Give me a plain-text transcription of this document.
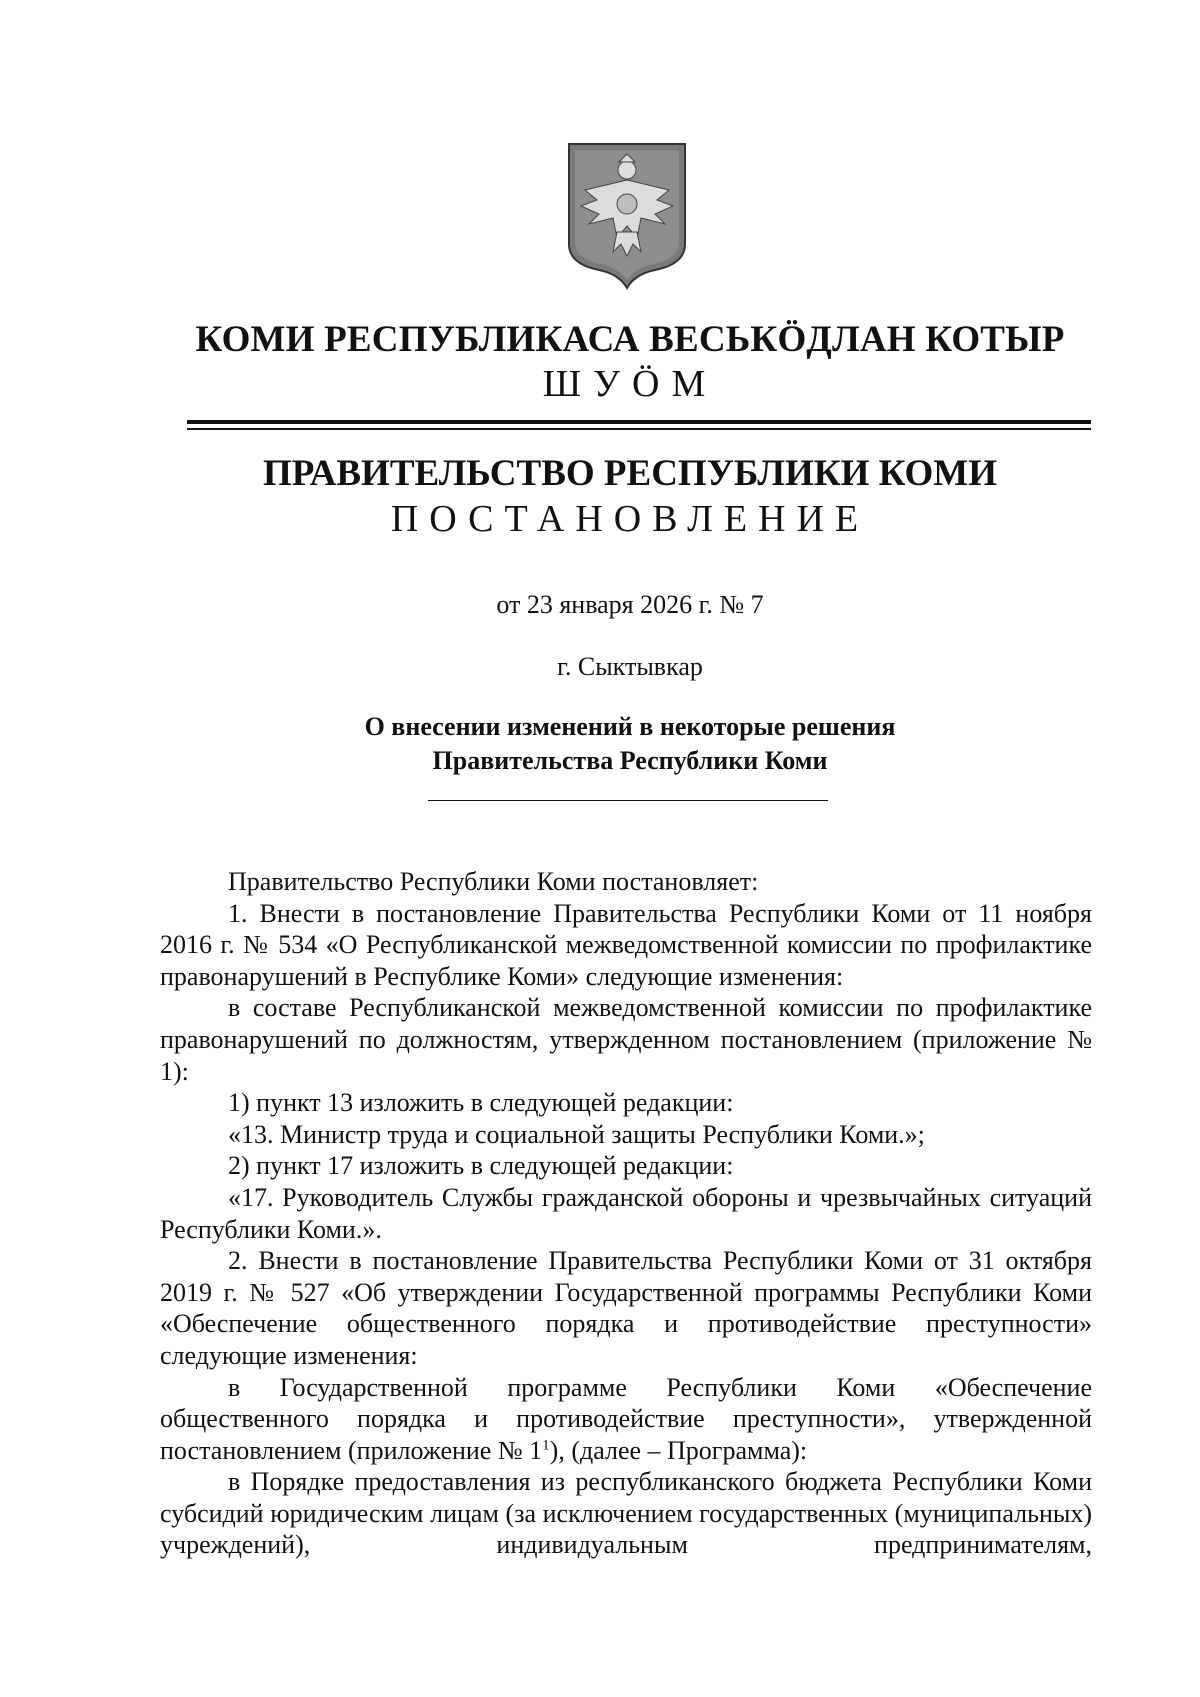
КОМИ РЕСПУБЛИКАСА ВЕСЬКӦДЛАН КОТЫР
ШУӦМ
ПРАВИТЕЛЬСТВО РЕСПУБЛИКИ КОМИ
ПОСТАНОВЛЕНИЕ
от 23 января 2026 г. № 7
г. Сыктывкар
О внесении изменений в некоторые решения
Правительства Республики Коми

Правительство Республики Коми постановляет:

1. Внести в постановление Правительства Республики Коми от 11 ноября 2016 г. № 534 «О Республиканской межведомственной комиссии по профилактике правонарушений в Республике Коми» следующие изменения:

в составе Республиканской межведомственной комиссии по профилактике правонарушений по должностям, утвержденном постановлением (приложение № 1):

1) пункт 13 изложить в следующей редакции:

«13. Министр труда и социальной защиты Республики Коми.»;

2) пункт 17 изложить в следующей редакции:

«17. Руководитель Службы гражданской обороны и чрезвычайных ситуаций Республики Коми.».

2. Внести в постановление Правительства Республики Коми от 31 октября 2019 г. № 527 «Об утверждении Государственной программы Республики Коми «Обеспечение общественного порядка и противодействие преступности» следующие изменения:

в Государственной программе Республики Коми «Обеспечение общественного порядка и противодействие преступности», утвержденной постановлением (приложение № $1^1$), (далее – Программа):

в Порядке предоставления из республиканского бюджета Республики Коми субсидий юридическим лицам (за исключением государственных (муниципальных) учреждений), индивидуальным предпринимателям,
